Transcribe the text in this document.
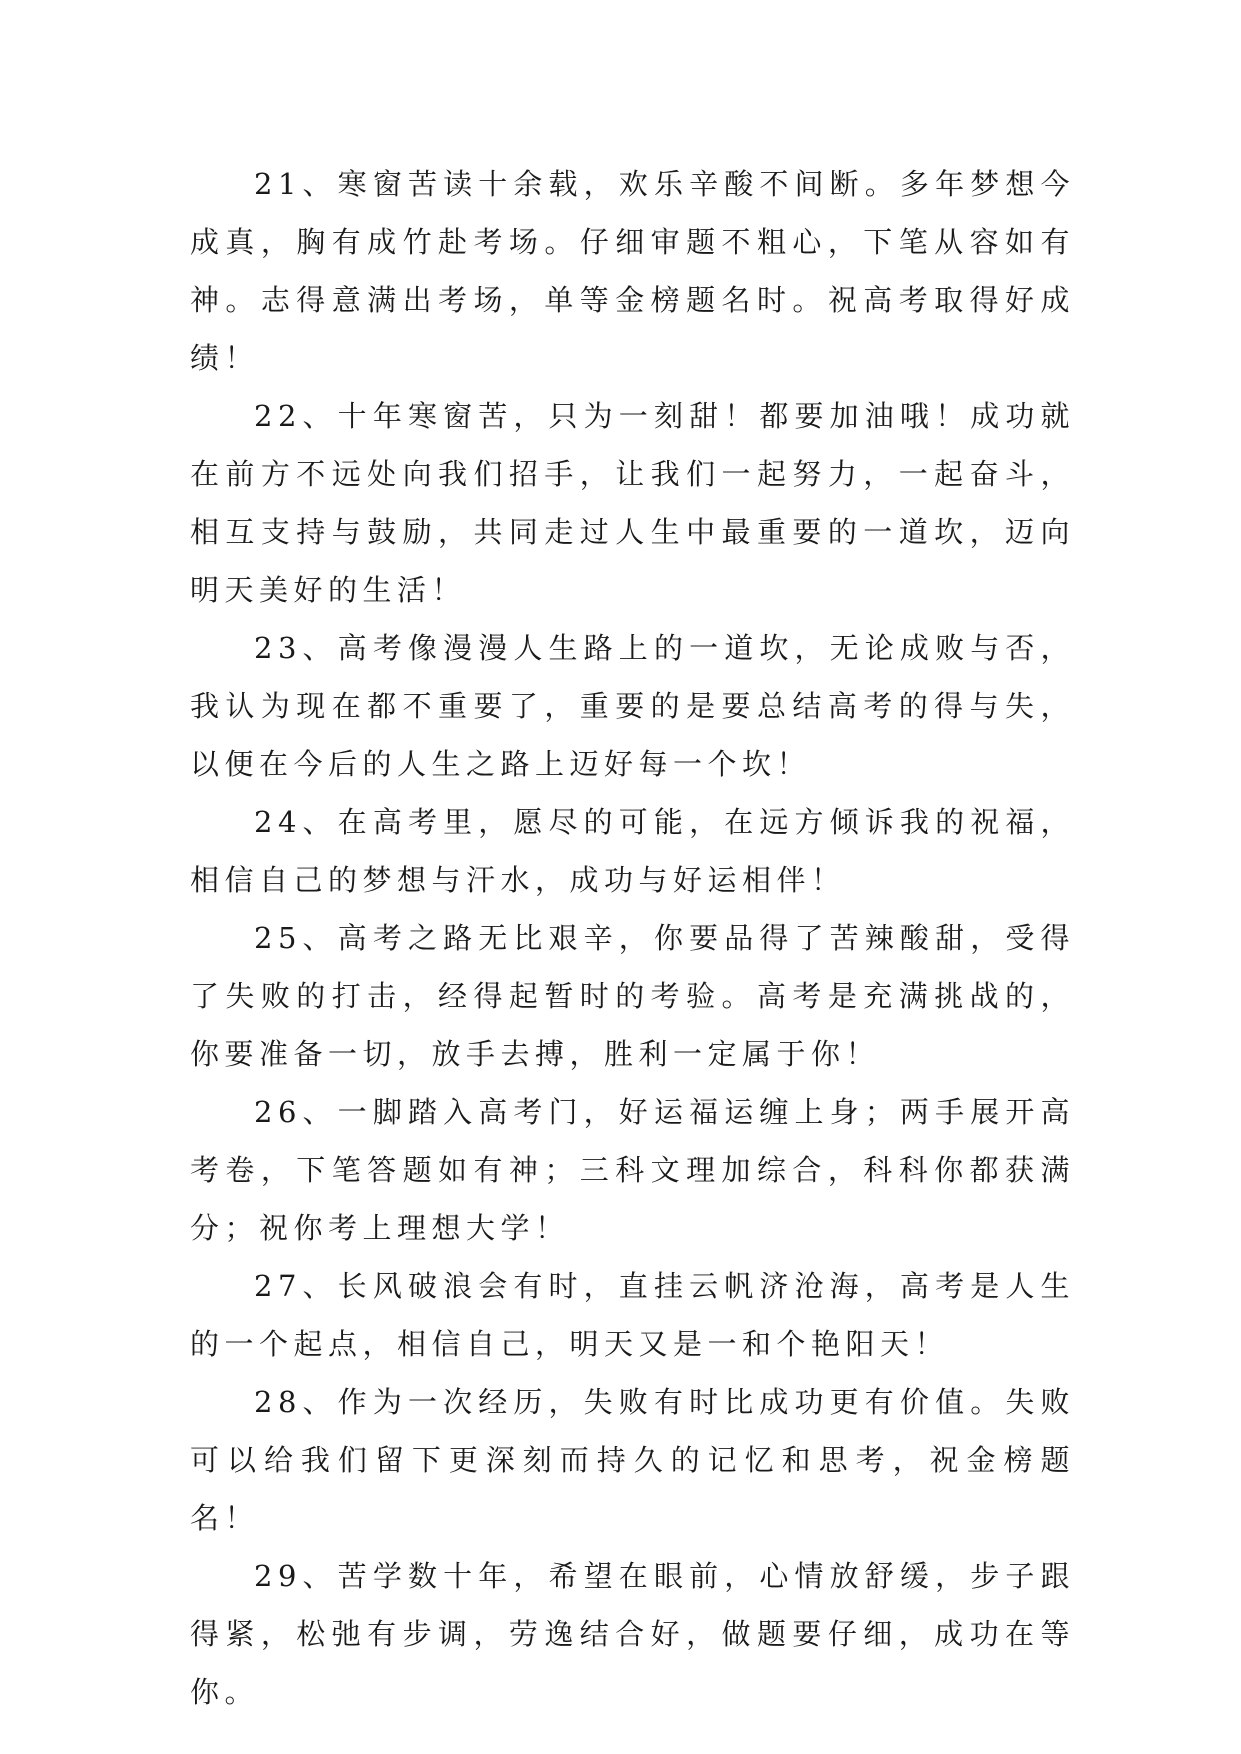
21、寒窗苦读十余载，欢乐辛酸不间断。多年梦想今成真，胸有成竹赴考场。仔细审题不粗心，下笔从容如有神。志得意满出考场，单等金榜题名时。祝高考取得好成绩！

22、十年寒窗苦，只为一刻甜！都要加油哦！成功就在前方不远处向我们招手，让我们一起努力，一起奋斗，相互支持与鼓励，共同走过人生中最重要的一道坎，迈向明天美好的生活！

23、高考像漫漫人生路上的一道坎，无论成败与否，我认为现在都不重要了，重要的是要总结高考的得与失，以便在今后的人生之路上迈好每一个坎！

24、在高考里，愿尽的可能，在远方倾诉我的祝福，相信自己的梦想与汗水，成功与好运相伴！

25、高考之路无比艰辛，你要品得了苦辣酸甜，受得了失败的打击，经得起暂时的考验。高考是充满挑战的，你要准备一切，放手去搏，胜利一定属于你！

26、一脚踏入高考门，好运福运缠上身；两手展开高考卷，下笔答题如有神；三科文理加综合，科科你都获满分；祝你考上理想大学！

27、长风破浪会有时，直挂云帆济沧海，高考是人生的一个起点，相信自己，明天又是一和个艳阳天！

28、作为一次经历，失败有时比成功更有价值。失败可以给我们留下更深刻而持久的记忆和思考，祝金榜题名！

29、苦学数十年，希望在眼前，心情放舒缓，步子跟得紧，松弛有步调，劳逸结合好，做题要仔细，成功在等你。
